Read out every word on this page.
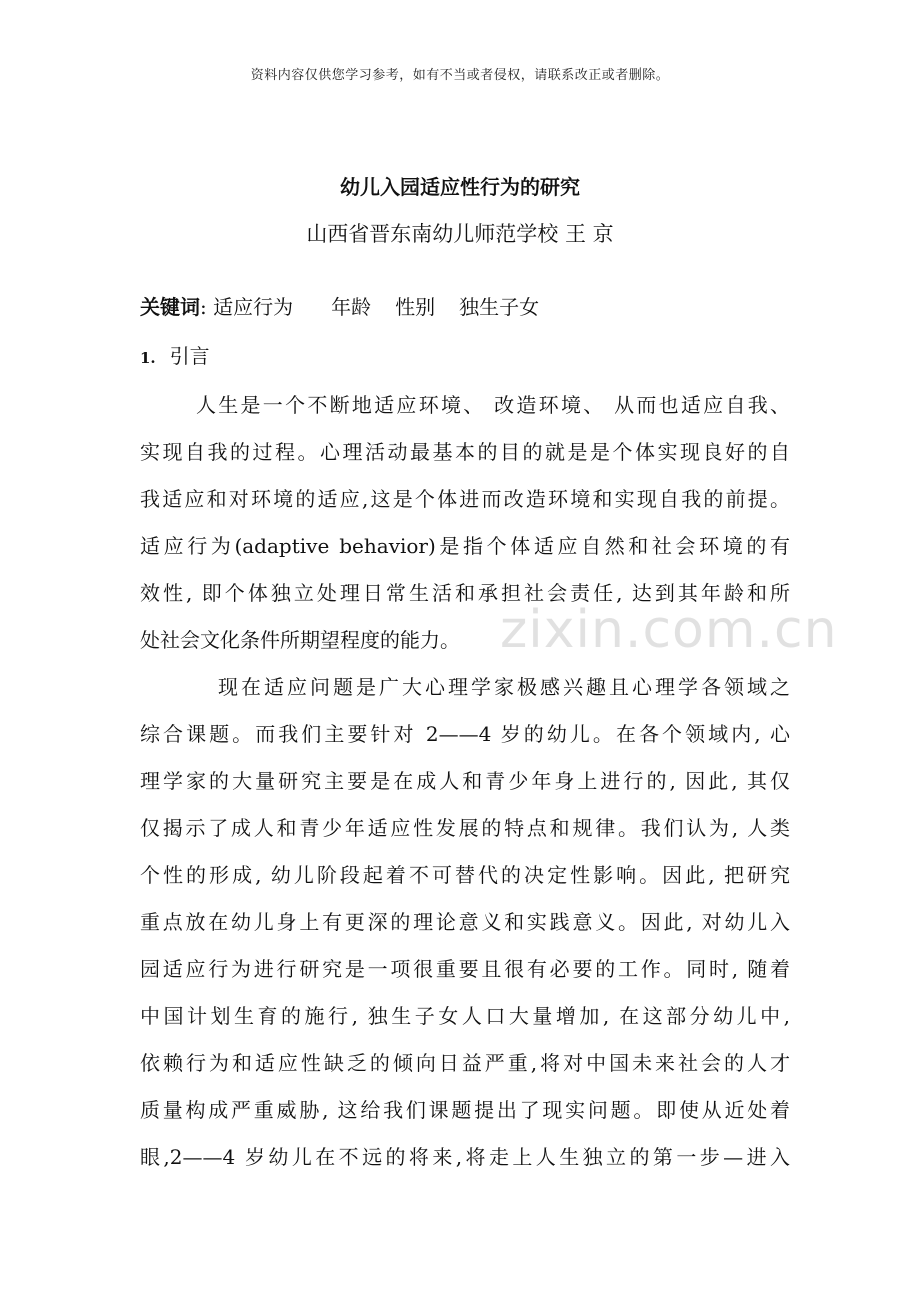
资料内容仅供您学习参考，如有不当或者侵权，请联系改正或者删除。
幼儿入园适应性行为的研究
山西省晋东南幼儿师范学校 王 京
关键词: 适应行为 年龄 性别 独生子女
1. 引言
人生是一个不断地适应环境、 改造环境、 从而也适应自我、
实现自我的过程。心理活动最基本的目的就是是个体实现良好的自
我适应和对环境的适应,这是个体进而改造环境和实现自我的前提。
适应行为(adaptive behavior)是指个体适应自然和社会环境的有
效性, 即个体独立处理日常生活和承担社会责任, 达到其年龄和所
处社会文化条件所期望程度的能力。
现在适应问题是广大心理学家极感兴趣且心理学各领域之
综合课题。而我们主要针对 2——4 岁的幼儿。在各个领域内, 心
理学家的大量研究主要是在成人和青少年身上进行的, 因此, 其仅
仅揭示了成人和青少年适应性发展的特点和规律。我们认为, 人类
个性的形成, 幼儿阶段起着不可替代的决定性影响。因此, 把研究
重点放在幼儿身上有更深的理论意义和实践意义。因此, 对幼儿入
园适应行为进行研究是一项很重要且很有必要的工作。同时, 随着
中国计划生育的施行, 独生子女人口大量增加, 在这部分幼儿中,
依赖行为和适应性缺乏的倾向日益严重,将对中国未来社会的人才
质量构成严重威胁, 这给我们课题提出了现实问题。即使从近处着
眼,2——4 岁幼儿在不远的将来,将走上人生独立的第一步—进入
zixin.com.cn
